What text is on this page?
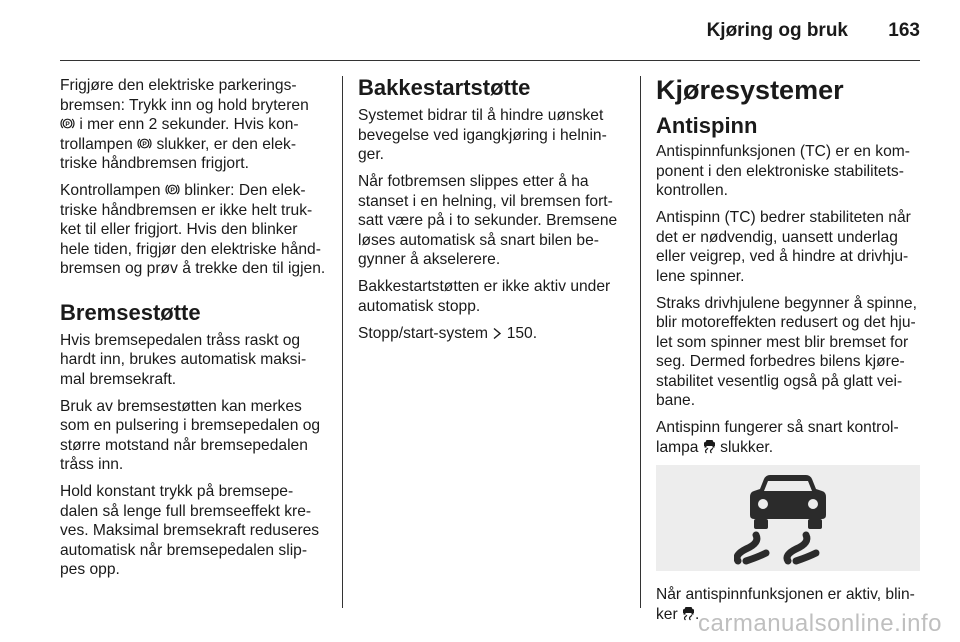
Kjøring og bruk 163

Frigjøre den elektriske parkerings-
bremsen: Trykk inn og hold bryteren
P i mer enn 2 sekunder. Hvis kon-
trollampen P slukker, er den elek-
triske håndbremsen frigjort.

Kontrollampen P blinker: Den elek-
triske håndbremsen er ikke helt truk-
ket til eller frigjort. Hvis den blinker
hele tiden, frigjør den elektriske hånd-
bremsen og prøv å trekke den til igjen.

Bremsestøtte

Hvis bremsepedalen tråss raskt og
hardt inn, brukes automatisk maksi-
mal bremsekraft.

Bruk av bremsestøtten kan merkes
som en pulsering i bremsepedalen og
større motstand når bremsepedalen
tråss inn.

Hold konstant trykk på bremsepe-
dalen så lenge full bremseeffekt kre-
ves. Maksimal bremsekraft reduseres
automatisk når bremsepedalen slip-
pes opp.

Bakkestartstøtte

Systemet bidrar til å hindre uønsket
bevegelse ved igangkjøring i helnin-
ger.

Når fotbremsen slippes etter å ha
stanset i en helning, vil bremsen fort-
satt være på i to sekunder. Bremsene
løses automatisk så snart bilen be-
gynner å akselerere.

Bakkestartstøtten er ikke aktiv under
automatisk stopp.

Stopp/start-system 150.

Kjøresystemer
Antispinn

Antispinnfunksjonen (TC) er en kom-
ponent i den elektroniske stabilitets-
kontrollen.

Antispinn (TC) bedrer stabiliteten når
det er nødvendig, uansett underlag
eller veigrep, ved å hindre at drivhju-
lene spinner.

Straks drivhjulene begynner å spinne,
blir motoreffekten redusert og det hju-
let som spinner mest blir bremset for
seg. Dermed forbedres bilens kjøre-
stabilitet vesentlig også på glatt vei-
bane.

Antispinn fungerer så snart kontrol-
lampa slukker.

Når antispinnfunksjonen er aktiv, blin-
ker .

carmanualsonline.info
